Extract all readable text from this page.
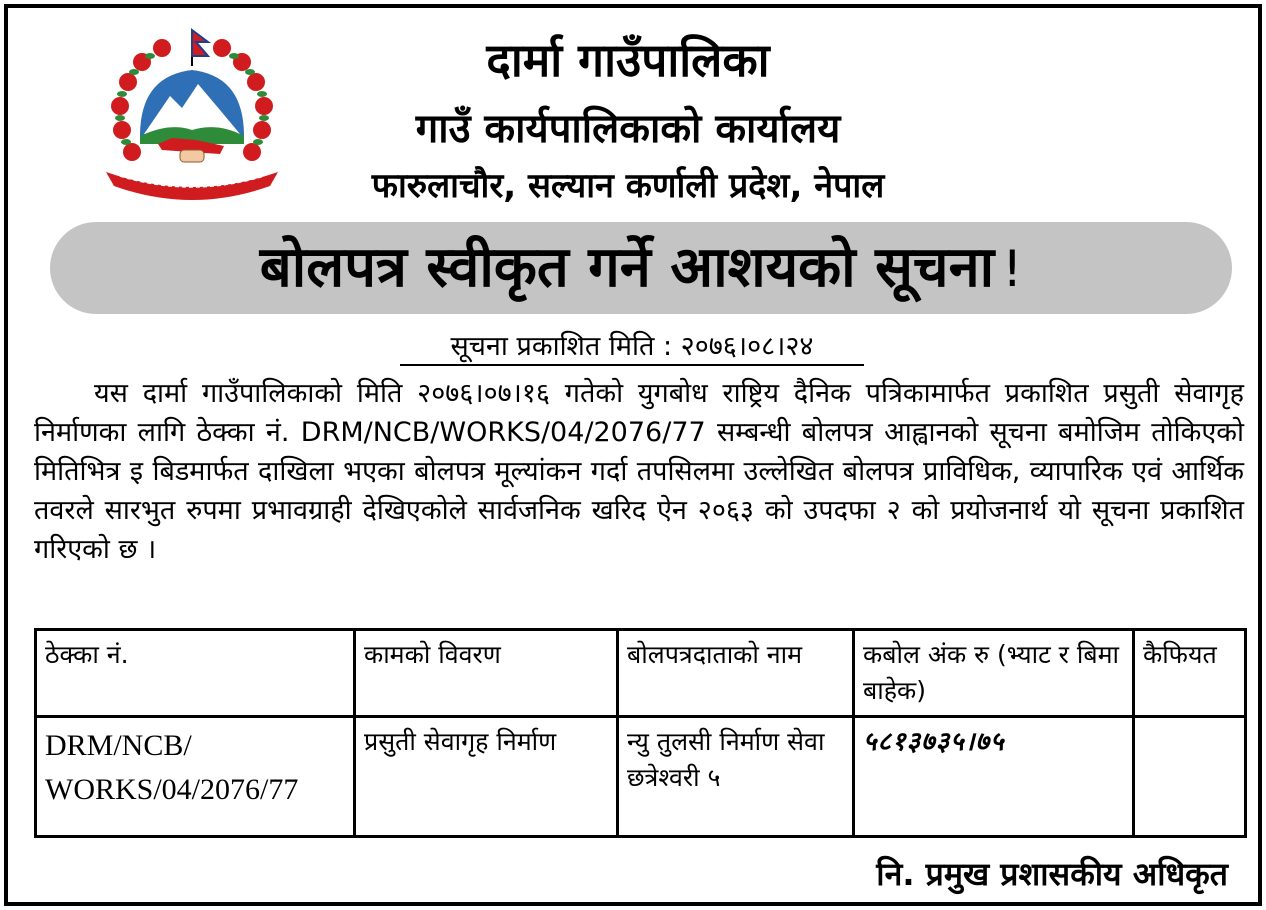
दार्मा गाउँपालिका
गाउँ कार्यपालिकाको कार्यालय
फारुलाचौर, सल्यान कर्णाली प्रदेश, नेपाल
बोलपत्र स्वीकृत गर्ने आशयको सूचना !
सूचना प्रकाशित मिति : २०७६।०८।२४
यस दार्मा गाउँपालिकाको मिति २०७६।०७।१६ गतेको युगबोध राष्ट्रिय दैनिक पत्रिकामार्फत प्रकाशित प्रसुती सेवागृह निर्माणका लागि ठेक्का नं. DRM/NCB/WORKS/04/2076/77 सम्बन्धी बोलपत्र आह्वानको सूचना बमोजिम तोकिएको मितिभित्र इ बिडमार्फत दाखिला भएका बोलपत्र मूल्यांकन गर्दा तपसिलमा उल्लेखित बोलपत्र प्राविधिक, व्यापारिक एवं आर्थिक तवरले सारभुत रुपमा प्रभावग्राही देखिएकोले सार्वजनिक खरिद ऐन २०६३ को उपदफा २ को प्रयोजनार्थ यो सूचना प्रकाशित गरिएको छ ।
ठेक्का नं.	कामको विवरण	बोलपत्रदाताको नाम	कबोल अंक रु (भ्याट र बिमा बाहेक)	कैफियत
DRM/NCB/ WORKS/04/2076/77	प्रसुती सेवागृह निर्माण	न्यु तुलसी निर्माण सेवा छत्रेश्वरी ५	५८१३७३५।७५	
नि. प्रमुख प्रशासकीय अधिकृत
